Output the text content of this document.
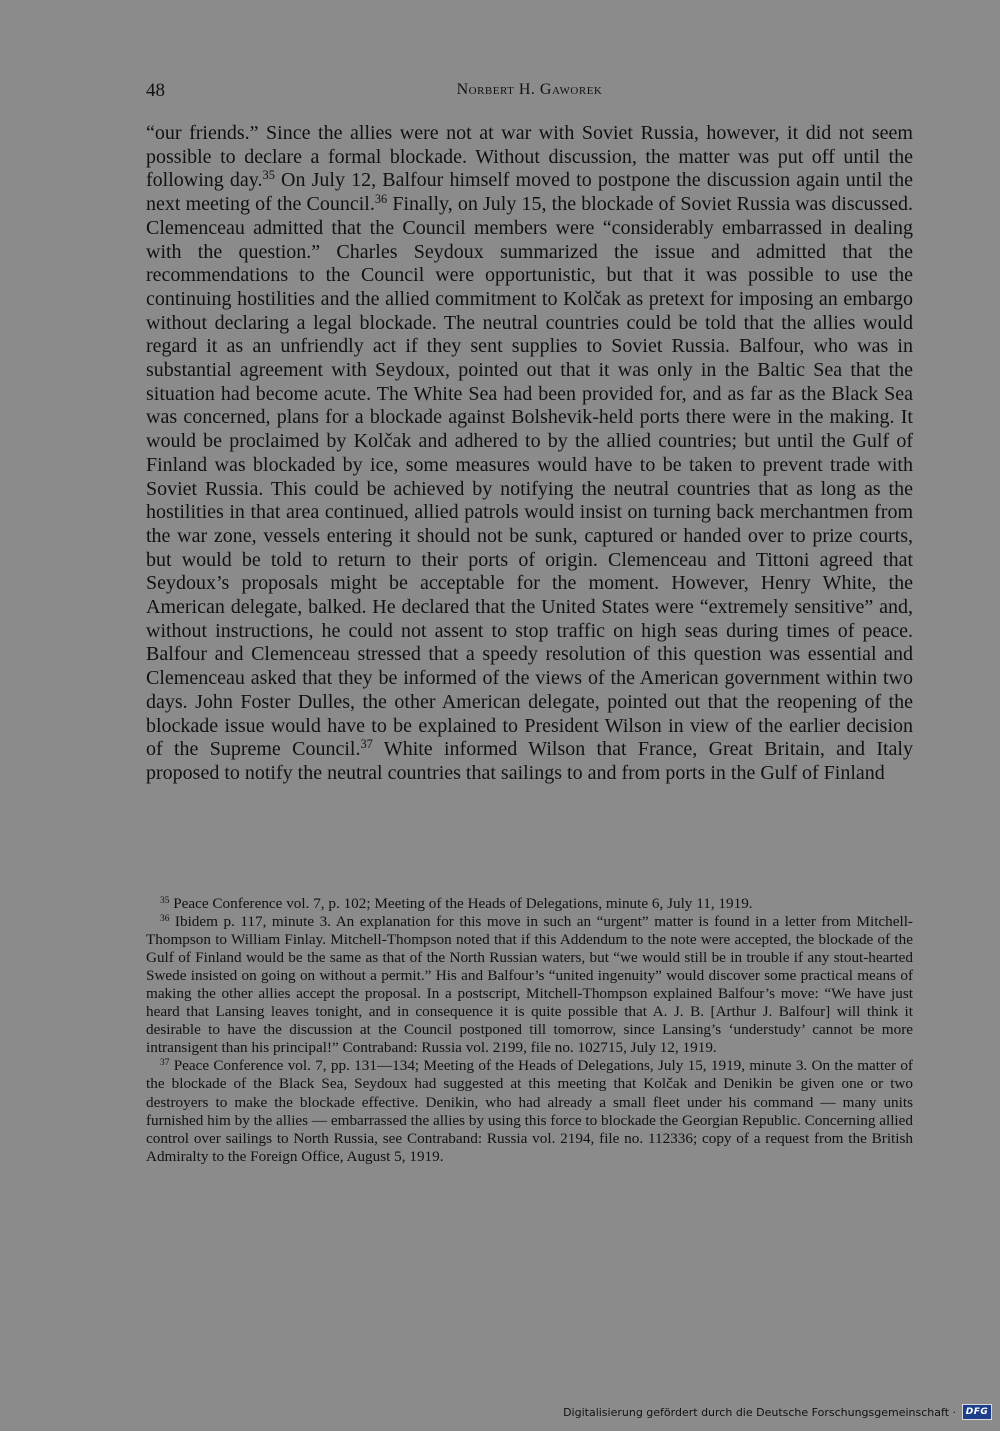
48	Norbert H. Gaworek

“our friends.” Since the allies were not at war with Soviet Russia, however, it did not seem possible to declare a formal blockade. Without discussion, the matter was put off until the following day.$^{35}$ On July 12, Balfour himself moved to postpone the discussion again until the next meeting of the Council.$^{36}$ Finally, on July 15, the blockade of Soviet Russia was discussed. Clemenceau admitted that the Council members were “considerably embarrassed in dealing with the question.” Charles Seydoux summarized the issue and admitted that the recommendations to the Council were opportunistic, but that it was possible to use the continuing hostilities and the allied commitment to Kolčak as pretext for imposing an embargo without declaring a legal blockade. The neutral countries could be told that the allies would regard it as an unfriendly act if they sent supplies to Soviet Russia. Balfour, who was in substantial agreement with Seydoux, pointed out that it was only in the Baltic Sea that the situation had become acute. The White Sea had been provided for, and as far as the Black Sea was concerned, plans for a blockade against Bolshevik-held ports there were in the making. It would be proclaimed by Kolčak and adhered to by the allied countries; but until the Gulf of Finland was blockaded by ice, some measures would have to be taken to prevent trade with Soviet Russia. This could be achieved by notifying the neutral countries that as long as the hostilities in that area continued, allied patrols would insist on turning back merchantmen from the war zone, vessels entering it should not be sunk, captured or handed over to prize courts, but would be told to return to their ports of origin. Clemenceau and Tittoni agreed that Seydoux’s proposals might be acceptable for the moment. However, Henry White, the American delegate, balked. He declared that the United States were “extremely sensitive” and, without instructions, he could not assent to stop traffic on high seas during times of peace. Balfour and Clemenceau stressed that a speedy resolution of this question was essential and Clemenceau asked that they be informed of the views of the American government within two days. John Foster Dulles, the other American delegate, pointed out that the reopening of the blockade issue would have to be explained to President Wilson in view of the earlier decision of the Supreme Council.$^{37}$ White informed Wilson that France, Great Britain, and Italy proposed to notify the neutral countries that sailings to and from ports in the Gulf of Finland

$^{35}$ Peace Conference vol. 7, p. 102; Meeting of the Heads of Delegations, minute 6, July 11, 1919.

$^{36}$ Ibidem p. 117, minute 3. An explanation for this move in such an “urgent” matter is found in a letter from Mitchell-Thompson to William Finlay. Mitchell-Thompson noted that if this Addendum to the note were accepted, the blockade of the Gulf of Finland would be the same as that of the North Russian waters, but “we would still be in trouble if any stout-hearted Swede insisted on going on without a permit.” His and Balfour’s “united ingenuity” would discover some practical means of making the other allies accept the proposal. In a postscript, Mitchell-Thompson explained Balfour’s move: “We have just heard that Lansing leaves tonight, and in consequence it is quite possible that A. J. B. [Arthur J. Balfour] will think it desirable to have the discussion at the Council postponed till tomorrow, since Lansing’s ‘understudy’ cannot be more intransigent than his principal!” Contraband: Russia vol. 2199, file no. 102715, July 12, 1919.

$^{37}$ Peace Conference vol. 7, pp. 131—134; Meeting of the Heads of Delegations, July 15, 1919, minute 3. On the matter of the blockade of the Black Sea, Seydoux had suggested at this meeting that Kolčak and Denikin be given one or two destroyers to make the blockade effective. Denikin, who had already a small fleet under his command — many units furnished him by the allies — embarrassed the allies by using this force to blockade the Georgian Republic. Concerning allied control over sailings to North Russia, see Contraband: Russia vol. 2194, file no. 112336; copy of a request from the British Admiralty to the Foreign Office, August 5, 1919.

Digitalisierung gefördert durch die Deutsche Forschungsgemeinschaft ·	DFG
